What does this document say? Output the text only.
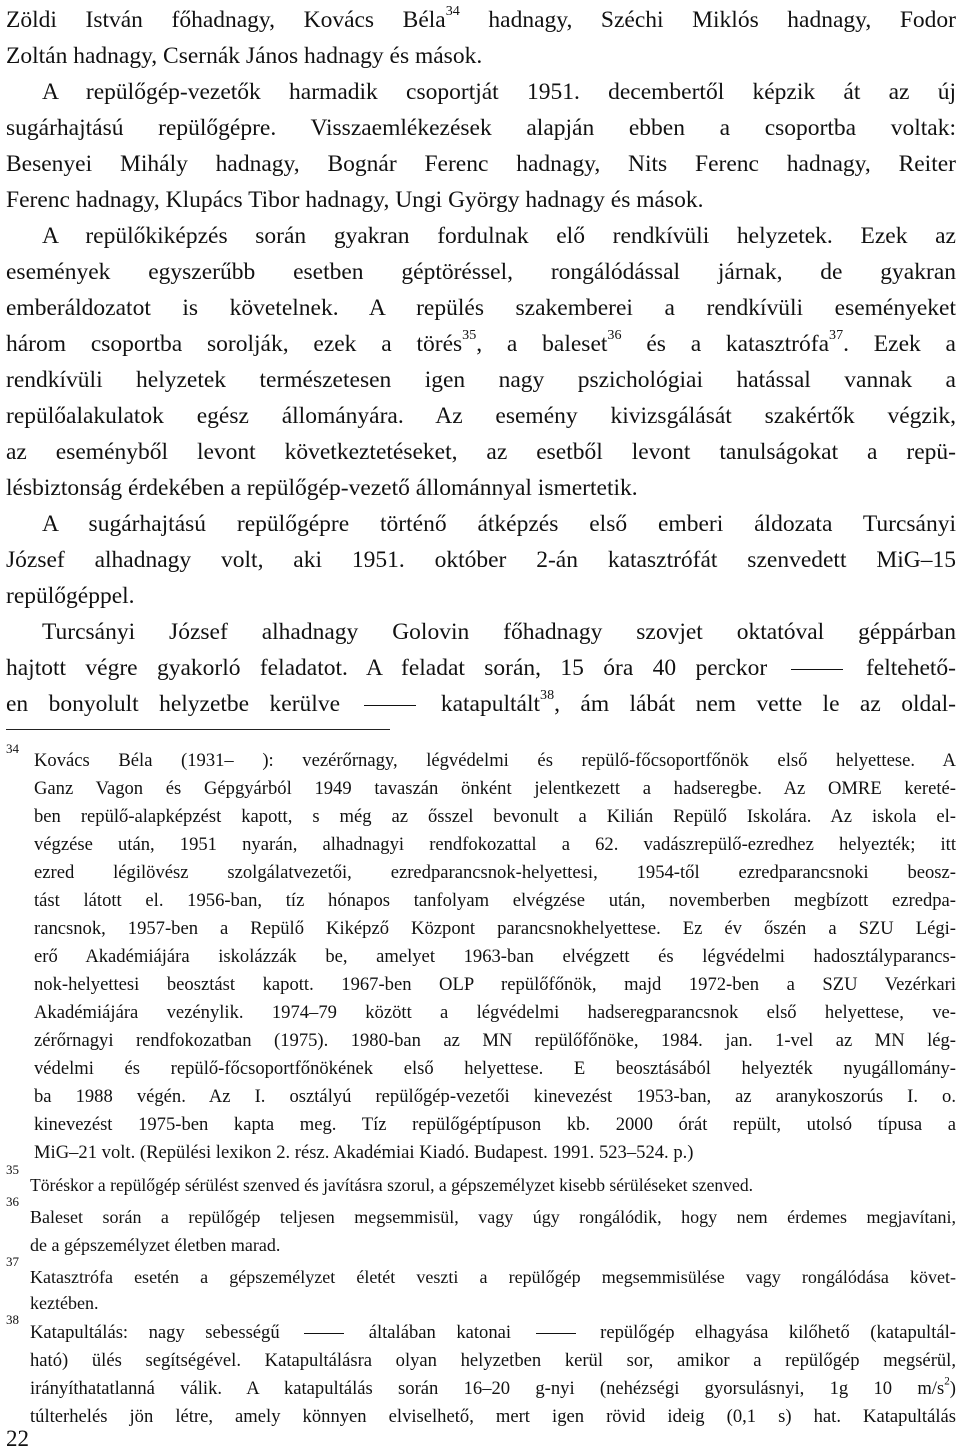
Zöldi István főhadnagy, Kovács Béla$^{34}$ hadnagy, Széchi Miklós hadnagy, Fodor
Zoltán hadnagy, Csernák János hadnagy és mások.
A repülőgép-vezetők harmadik csoportját 1951. decembertől képzik át az új
sugárhajtású repülőgépre. Visszaemlékezések alapján ebben a csoportba voltak:
Besenyei Mihály hadnagy, Bognár Ferenc hadnagy, Nits Ferenc hadnagy, Reiter
Ferenc hadnagy, Klupács Tibor hadnagy, Ungi György hadnagy és mások.
A repülőkiképzés során gyakran fordulnak elő rendkívüli helyzetek. Ezek az
események egyszerűbb esetben géptöréssel, rongálódással járnak, de gyakran
emberáldozatot is követelnek. A repülés szakemberei a rendkívüli eseményeket
három csoportba sorolják, ezek a törés$^{35}$, a baleset$^{36}$ és a katasztrófa$^{37}$. Ezek a
rendkívüli helyzetek természetesen igen nagy pszichológiai hatással vannak a
repülőalakulatok egész állományára. Az esemény kivizsgálását szakértők végzik,
az eseményből levont következtetéseket, az esetből levont tanulságokat a repü-
lésbiztonság érdekében a repülőgép-vezető állománnyal ismertetik.
A sugárhajtású repülőgépre történő átképzés első emberi áldozata Turcsányi
József alhadnagy volt, aki 1951. október 2-án katasztrófát szenvedett MiG–15
repülőgéppel.
Turcsányi József alhadnagy Golovin főhadnagy szovjet oktatóval géppárban
hajtott végre gyakorló feladatot. A feladat során, 15 óra 40 perckor	feltehető-
en bonyolult helyzetbe kerülve	katapultált$^{38}$, ám lábát nem vette le az oldal-
34
Kovács Béla (1931– ): vezérőrnagy, légvédelmi és repülő-főcsoportfőnök első helyettese. A
Ganz Vagon és Gépgyárból 1949 tavaszán önként jelentkezett a hadseregbe. Az OMRE kereté-
ben repülő-alapképzést kapott, s még az ősszel bevonult a Kilián Repülő Iskolára. Az iskola el-
végzése után, 1951 nyarán, alhadnagyi rendfokozattal a 62. vadászrepülő-ezredhez helyezték; itt
ezred légilövész szolgálatvezetői, ezredparancsnok-helyettesi, 1954-től ezredparancsnoki beosz-
tást látott el. 1956-ban, tíz hónapos tanfolyam elvégzése után, novemberben megbízott ezredpa-
rancsnok, 1957-ben a Repülő Kiképző Központ parancsnokhelyettese. Ez év őszén a SZU Légi-
erő Akadémiájára iskolázzák be, amelyet 1963-ban elvégzett és légvédelmi hadosztályparancs-
nok-helyettesi beosztást kapott. 1967-ben OLP repülőfőnök, majd 1972-ben a SZU Vezérkari
Akadémiájára vezénylik. 1974–79 között a légvédelmi hadseregparancsnok első helyettese, ve-
zérőrnagyi rendfokozatban (1975). 1980-ban az MN repülőfőnöke, 1984. jan. 1-vel az MN lég-
védelmi és repülő-főcsoportfőnökének első helyettese. E beosztásából helyezték nyugállomány-
ba 1988 végén. Az I. osztályú repülőgép-vezetői kinevezést 1953-ban, az aranykoszorús I. o.
kinevezést 1975-ben kapta meg. Tíz repülőgéptípuson kb. 2000 órát repült, utolsó típusa a
MiG–21 volt. (Repülési lexikon 2. rész. Akadémiai Kiadó. Budapest. 1991. 523–524. p.)
35
Töréskor a repülőgép sérülést szenved és javításra szorul, a gépszemélyzet kisebb sérüléseket szenved.
36
Baleset során a repülőgép teljesen megsemmisül, vagy úgy rongálódik, hogy nem érdemes megjavítani,
de a gépszemélyzet életben marad.
37
Katasztrófa esetén a gépszemélyzet életét veszti a repülőgép megsemmisülése vagy rongálódása követ-
keztében.
38
Katapultálás: nagy sebességű	általában katonai	repülőgép elhagyása kilőhető (katapultál-
ható) ülés segítségével. Katapultálásra olyan helyzetben kerül sor, amikor a repülőgép megsérül,
irányíthatatlanná válik. A katapultálás során 16–20 g-nyi (nehézségi gyorsulásnyi, 1g 10 $m/s^2$)
túlterhelés jön létre, amely könnyen elviselhető, mert igen rövid ideig (0,1 s) hat. Katapultálás
22
